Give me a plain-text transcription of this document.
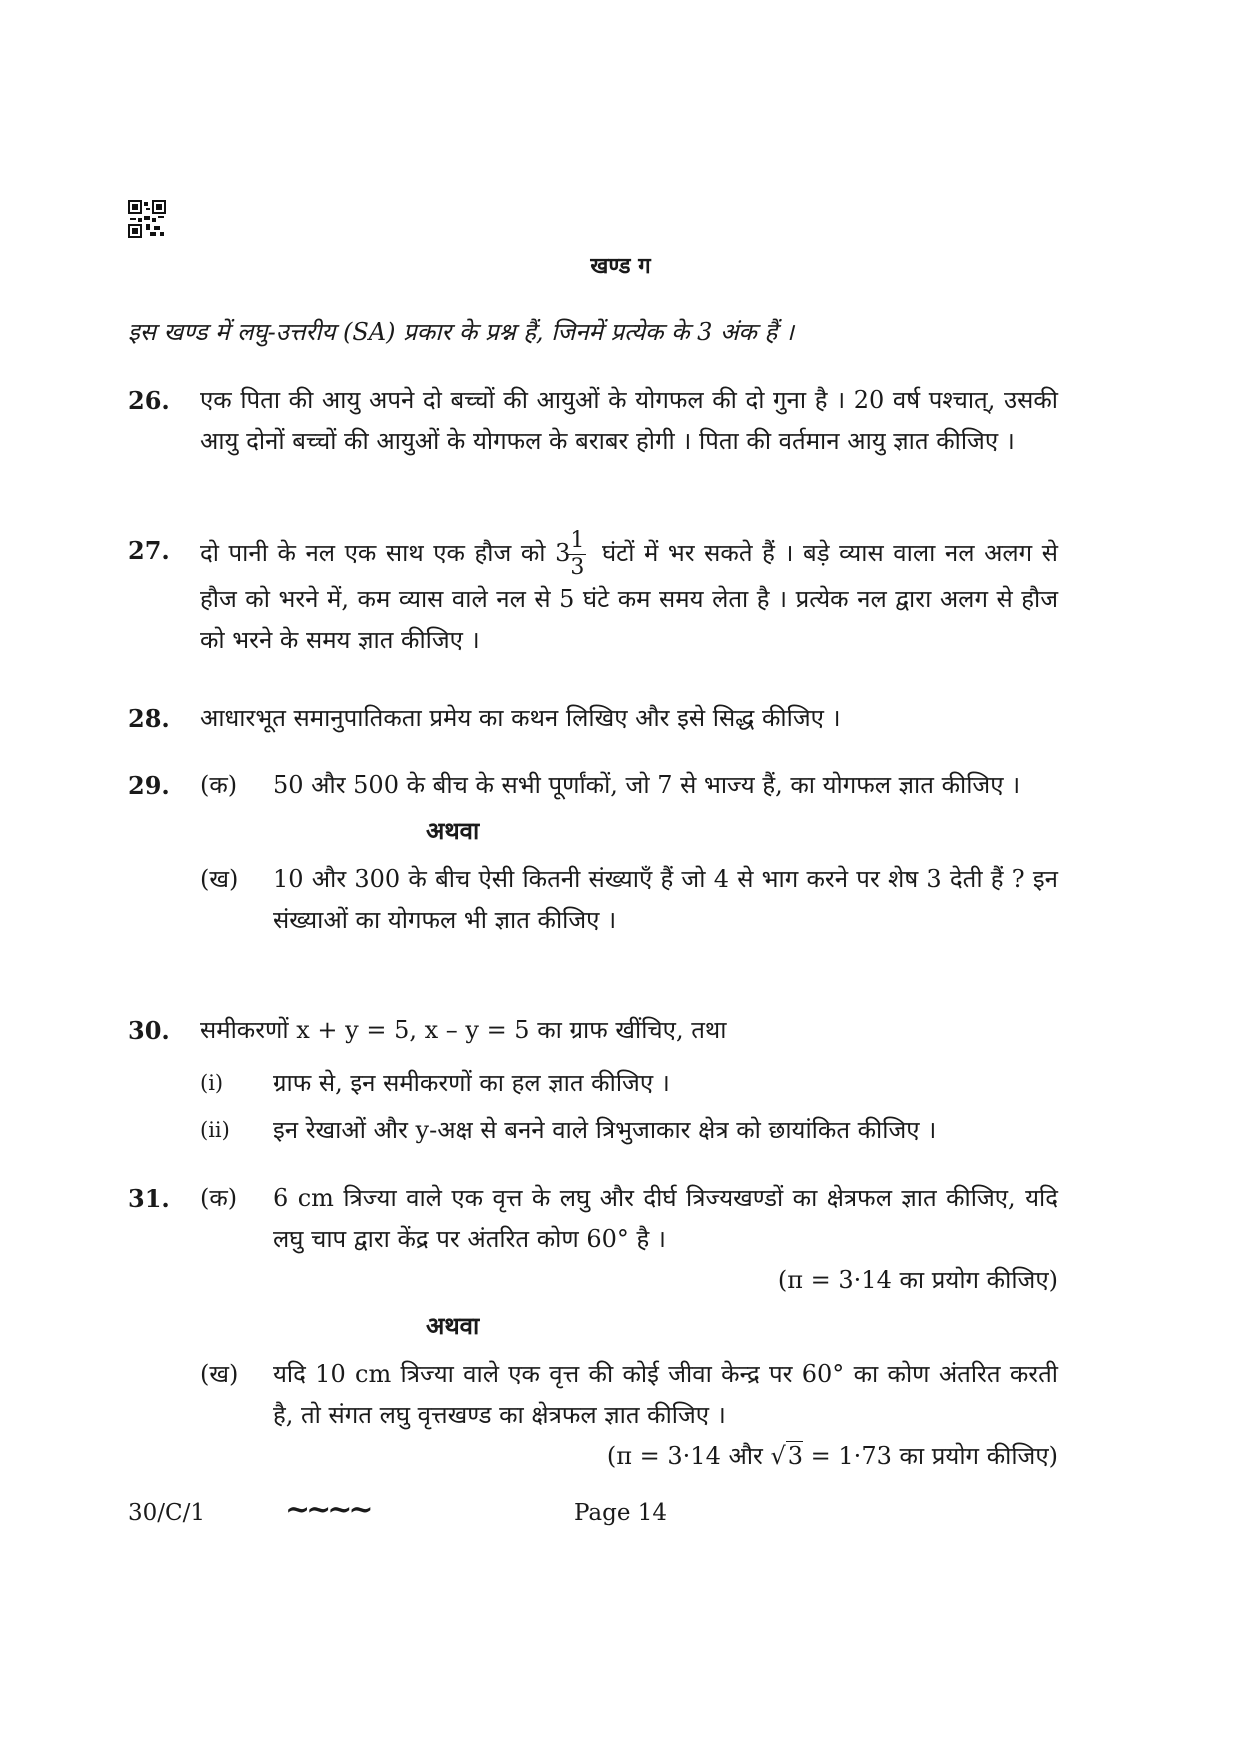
खण्ड ग
इस खण्ड में लघु-उत्तरीय (SA) प्रकार के प्रश्न हैं, जिनमें प्रत्येक के 3 अंक हैं ।
26. एक पिता की आयु अपने दो बच्चों की आयुओं के योगफल की दो गुना है । 20 वर्ष पश्चात्, उसकी आयु दोनों बच्चों की आयुओं के योगफल के बराबर होगी । पिता की वर्तमान आयु ज्ञात कीजिए ।
27. दो पानी के नल एक साथ एक हौज को 3
$\frac{1}{3}$ घंटों में भर सकते हैं । बड़े व्यास वाला नल अलग से हौज को भरने में, कम व्यास वाले नल से 5 घंटे कम समय लेता है । प्रत्येक नल द्वारा अलग से हौज को भरने के समय ज्ञात कीजिए ।
28. आधारभूत समानुपातिकता प्रमेय का कथन लिखिए और इसे सिद्ध कीजिए ।
29. (क) 50 और 500 के बीच के सभी पूर्णांकों, जो 7 से भाज्य हैं, का योगफल ज्ञात कीजिए ।
अथवा
(ख) 10 और 300 के बीच ऐसी कितनी संख्याएँ हैं जो 4 से भाग करने पर शेष 3 देती हैं ? इन संख्याओं का योगफल भी ज्ञात कीजिए ।
30. समीकरणों x + y = 5, x – y = 5 का ग्राफ खींचिए, तथा
(i) ग्राफ से, इन समीकरणों का हल ज्ञात कीजिए ।
(ii) इन रेखाओं और y-अक्ष से बनने वाले त्रिभुजाकार क्षेत्र को छायांकित कीजिए ।
31. (क) 6 cm त्रिज्या वाले एक वृत्त के लघु और दीर्घ त्रिज्यखण्डों का क्षेत्रफल ज्ञात कीजिए, यदि लघु चाप द्वारा केंद्र पर अंतरित कोण 60° है ।
(π = 3·14 का प्रयोग कीजिए)
अथवा
(ख) यदि 10 cm त्रिज्या वाले एक वृत्त की कोई जीवा केन्द्र पर 60° का कोण अंतरित करती है, तो संगत लघु वृत्तखण्ड का क्षेत्रफल ज्ञात कीजिए ।
(π = 3·14 और √3 = 1·73 का प्रयोग कीजिए)
30/C/1	~~~~	Page 14
